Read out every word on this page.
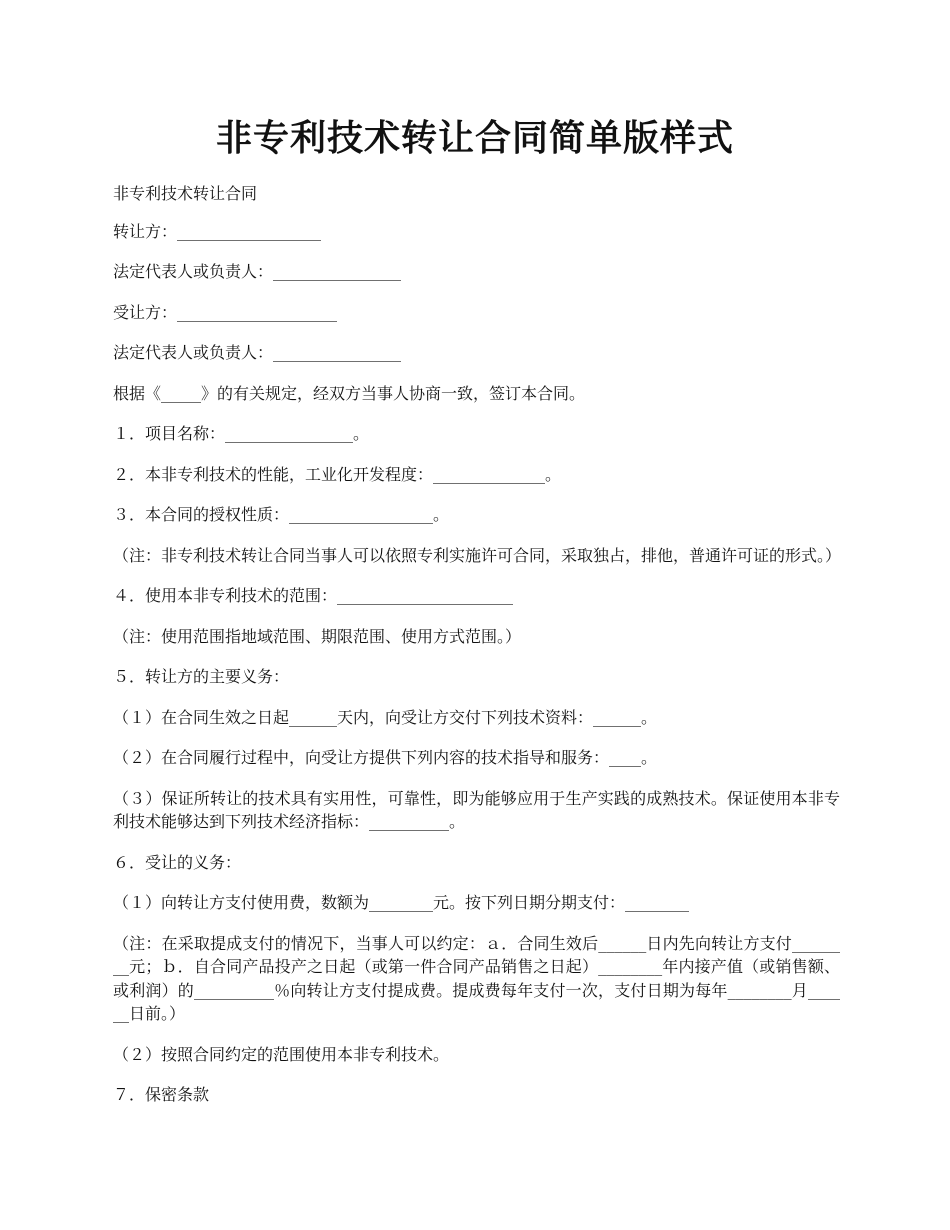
非专利技术转让合同简单版样式

非专利技术转让合同

转让方：__________________

法定代表人或负责人：________________

受让方：____________________

法定代表人或负责人：________________

根据《_____》的有关规定，经双方当事人协商一致，签订本合同。

１．项目名称：________________。

２．本非专利技术的性能，工业化开发程度：______________。

３．本合同的授权性质：__________________。

（注：非专利技术转让合同当事人可以依照专利实施许可合同，采取独占，排他，普通许可证的形式。）

４．使用本非专利技术的范围：______________________

（注：使用范围指地域范围、期限范围、使用方式范围。）

５．转让方的主要义务：

（１）在合同生效之日起______天内，向受让方交付下列技术资料：______。

（２）在合同履行过程中，向受让方提供下列内容的技术指导和服务：____。

（３）保证所转让的技术具有实用性，可靠性，即为能够应用于生产实践的成熟技术。保证使用本非专利技术能够达到下列技术经济指标：__________。

６．受让的义务：

（１）向转让方支付使用费，数额为________元。按下列日期分期支付：________

（注：在采取提成支付的情况下，当事人可以约定：ａ．合同生效后______日内先向转让方支付________元；ｂ．自合同产品投产之日起（或第一件合同产品销售之日起）________年内接产值（或销售额、或利润）的__________％向转让方支付提成费。提成费每年支付一次，支付日期为每年________月______日前。）

（２）按照合同约定的范围使用本非专利技术。

７．保密条款
